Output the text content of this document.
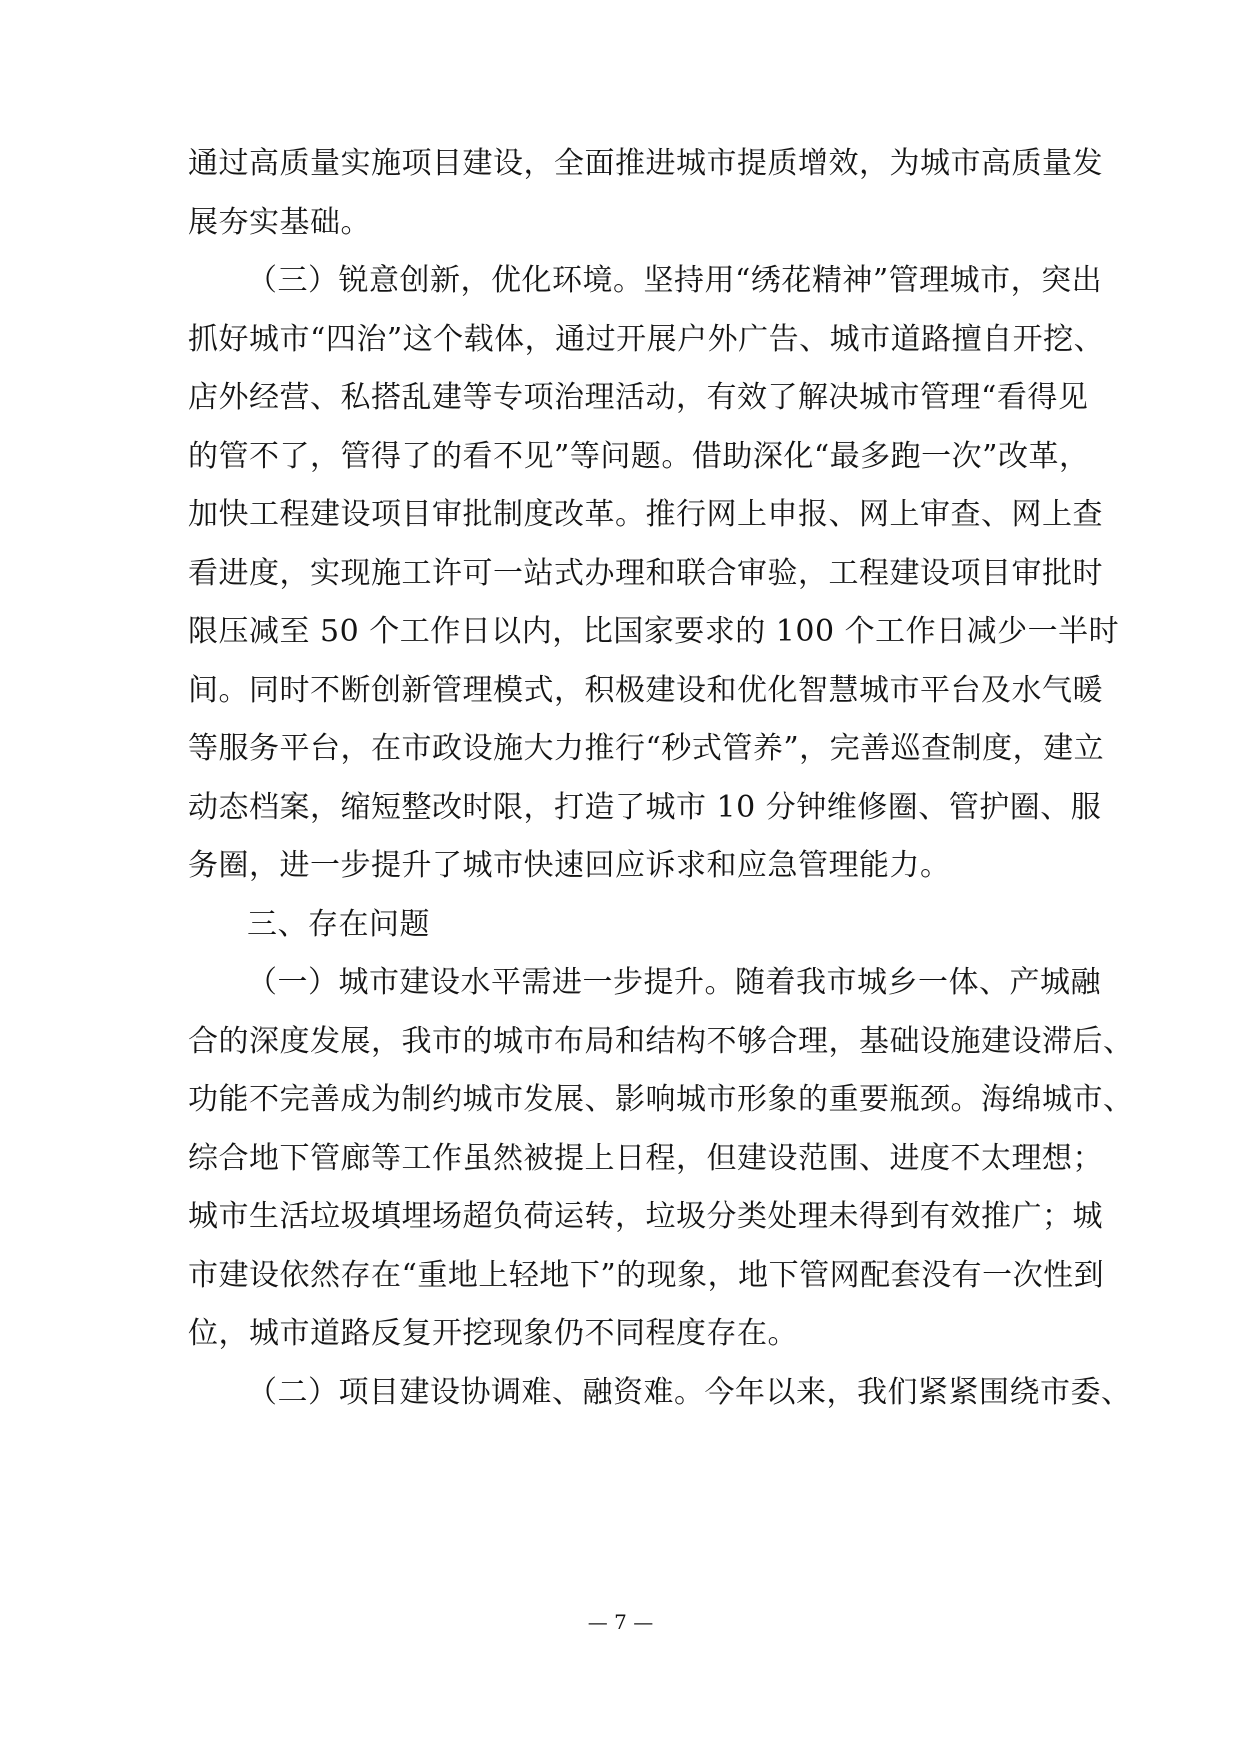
通过高质量实施项目建设，全面推进城市提质增效，为城市高质量发
展夯实基础。
（三）锐意创新，优化环境。坚持用“绣花精神”管理城市，突出
抓好城市“四治”这个载体，通过开展户外广告、城市道路擅自开挖、
店外经营、私搭乱建等专项治理活动，有效了解决城市管理“看得见
的管不了，管得了的看不见”等问题。借助深化“最多跑一次”改革，
加快工程建设项目审批制度改革。推行网上申报、网上审查、网上查
看进度，实现施工许可一站式办理和联合审验，工程建设项目审批时
限压减至 50 个工作日以内，比国家要求的 100 个工作日减少一半时
间。同时不断创新管理模式，积极建设和优化智慧城市平台及水气暖
等服务平台，在市政设施大力推行“秒式管养”，完善巡查制度，建立
动态档案，缩短整改时限，打造了城市 10 分钟维修圈、管护圈、服
务圈，进一步提升了城市快速回应诉求和应急管理能力。
三、存在问题
（一）城市建设水平需进一步提升。随着我市城乡一体、产城融
合的深度发展，我市的城市布局和结构不够合理，基础设施建设滞后、
功能不完善成为制约城市发展、影响城市形象的重要瓶颈。海绵城市、
综合地下管廊等工作虽然被提上日程，但建设范围、进度不太理想；
城市生活垃圾填埋场超负荷运转，垃圾分类处理未得到有效推广；城
市建设依然存在“重地上轻地下”的现象，地下管网配套没有一次性到
位，城市道路反复开挖现象仍不同程度存在。
（二）项目建设协调难、融资难。今年以来，我们紧紧围绕市委、
— 7 —
